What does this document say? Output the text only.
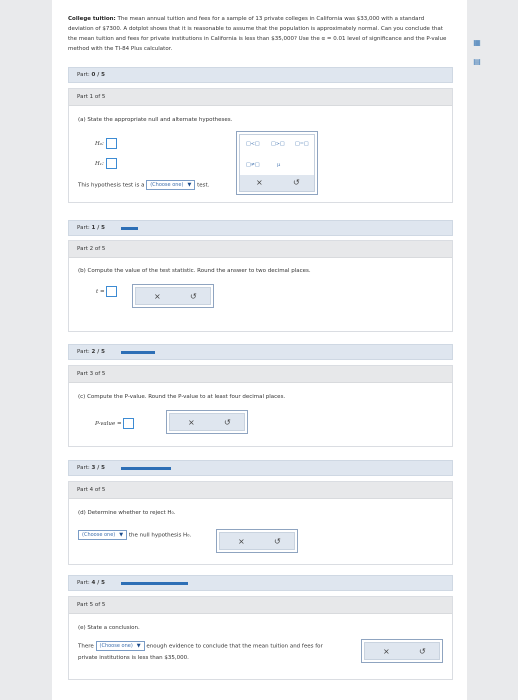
▦
▤
College tuition: The mean annual tuition and fees for a sample of 13 private colleges in California was $33,000 with a standard deviation of $7300. A dotplot shows that it is reasonable to assume that the population is approximately normal. Can you conclude that the mean tuition and fees for private institutions in California is less than $35,000? Use the α = 0.01 level of significance and the P-value method with the TI-84 Plus calculator.
Part: 0 / 5
Part 1 of 5
(a) State the appropriate null and alternate hypotheses.
H₀:
H₁:
This hypothesis test is a (Choose one) ▼ test.
□<□ □>□ □=□
□≠□	μ
×	↺
Part: 1 / 5
Part 2 of 5
(b) Compute the value of the test statistic. Round the answer to two decimal places.
t =	×	↺
Part: 2 / 5
Part 3 of 5
(c) Compute the P-value. Round the P-value to at least four decimal places.
P-value =	×	↺
Part: 3 / 5
Part 4 of 5
(d) Determine whether to reject H₀.
(Choose one) ▼ the null hypothesis H₀.
×	↺
Part: 4 / 5
Part 5 of 5
(e) State a conclusion.
There (Choose one) ▼ enough evidence to conclude that the mean tuition and fees for
private institutions is less than $35,000.
×	↺
